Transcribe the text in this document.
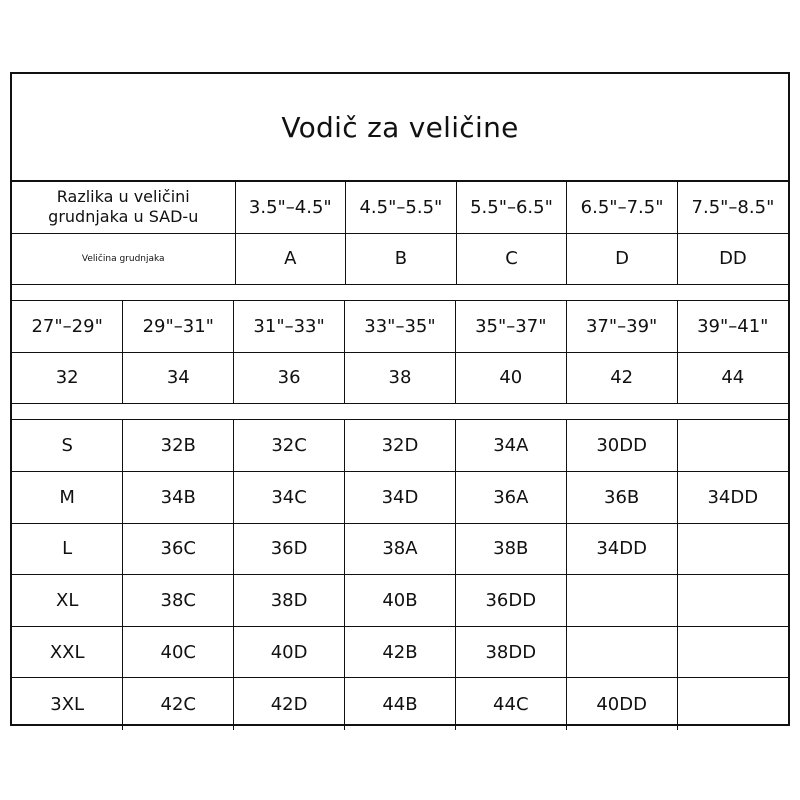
Vodič za veličine
Razlika u veličini
grudnjaka u SAD-u	3.5"–4.5"	4.5"–5.5"	5.5"–6.5"	6.5"–7.5"	7.5"–8.5"
Veličina grudnjaka	A	B	C	D	DD
27"–29"	29"–31"	31"–33"	33"–35"	35"–37"	37"–39"	39"–41"
32	34	36	38	40	42	44
S	32B	32C	32D	34A	30DD	
M	34B	34C	34D	36A	36B	34DD
L	36C	36D	38A	38B	34DD	
XL	38C	38D	40B	36DD		
XXL	40C	40D	42B	38DD		
3XL	42C	42D	44B	44C	40DD	
